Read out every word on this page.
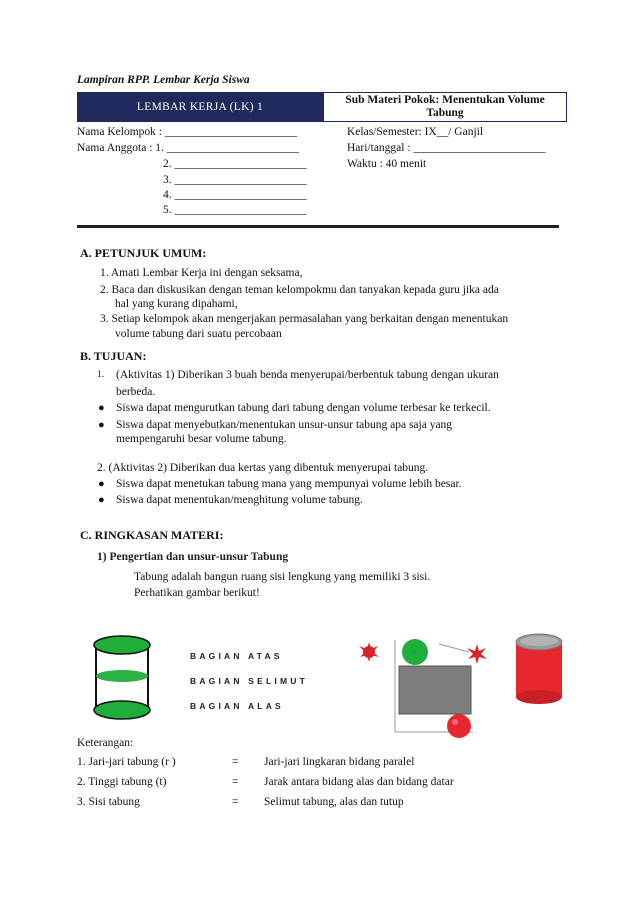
Lampiran RPP. Lembar Kerja Siswa
LEMBAR KERJA (LK) 1
Sub Materi Pokok: Menentukan Volume
Tabung
Nama Kelompok : _______________________
Nama Anggota : 1. _______________________
2. _______________________
3. _______________________
4. _______________________
5. _______________________
Kelas/Semester: IX__/ Ganjil
Hari/tanggal : _______________________
Waktu : 40 menit
A. PETUNJUK UMUM:
1. Amati Lembar Kerja ini dengan seksama,
2. Baca dan diskusikan dengan teman kelompokmu dan tanyakan kepada guru jika ada
hal yang kurang dipahami,
3. Setiap kelompok akan mengerjakan permasalahan yang berkaitan dengan menentukan
volume tabung dari suatu percobaan
B. TUJUAN:
1. (Aktivitas 1) Diberikan 3 buah benda menyerupai/berbentuk tabung dengan ukuran
berbeda.
● Siswa dapat mengurutkan tabung dari tabung dengan volume terbesar ke terkecil.
● Siswa dapat menyebutkan/menentukan unsur-unsur tabung apa saja yang
mempengaruhi besar volume tabung.
2. (Aktivitas 2) Diberikan dua kertas yang dibentuk menyerupai tabung.
● Siswa dapat menetukan tabung mana yang mempunyai volume lebih besar.
● Siswa dapat menentukan/menghitung volume tabung.
C. RINGKASAN MATERI:
1) Pengertian dan unsur-unsur Tabung
Tabung adalah bangun ruang sisi lengkung yang memiliki 3 sisi.
Perhatikan gambar berikut!
BAGIAN ATAS
BAGIAN SELIMUT
BAGIAN ALAS
Keterangan:
1. Jari-jari tabung (r )	= Jari-jari lingkaran bidang paralel
2. Tinggi tabung (t)	= Jarak antara bidang alas dan bidang datar
3. Sisi tabung	= Selimut tabung, alas dan tutup
